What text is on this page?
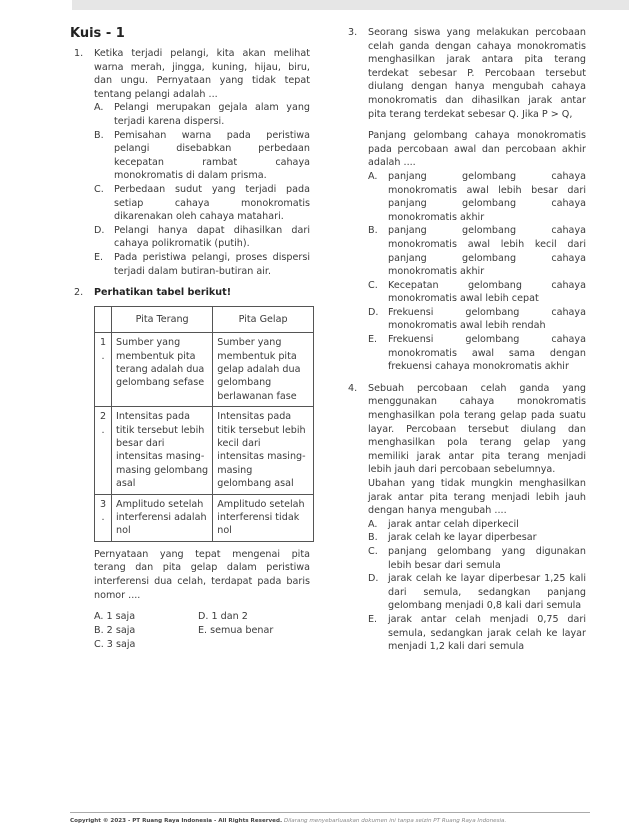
Kuis - 1
1.	Ketika terjadi pelangi, kita akan melihat warna merah, jingga, kuning, hijau, biru, dan ungu. Pernyataan yang tidak tepat tentang pelangi adalah ...
A.	Pelangi merupakan gejala alam yang terjadi karena dispersi.
B.	Pemisahan warna pada peristiwa pelangi disebabkan perbedaan kecepatan rambat cahaya monokromatis di dalam prisma.
C.	Perbedaan sudut yang terjadi pada setiap cahaya monokromatis dikarenakan oleh cahaya matahari.
D. Pelangi hanya dapat dihasilkan dari cahaya polikromatik (putih).
E.	Pada peristiwa pelangi, proses dispersi terjadi dalam butiran-butiran air.
2.	Perhatikan tabel berikut!
	Pita Terang	Pita Gelap
1
.	Sumber yang membentuk pita terang adalah dua gelombang sefase	Sumber yang membentuk pita gelap adalah dua gelombang berlawanan fase
2
.	Intensitas pada titik tersebut lebih besar dari intensitas masing-masing gelombang asal	Intensitas pada titik tersebut lebih kecil dari intensitas masing-masing gelombang asal
3
.	Amplitudo setelah interferensi adalah nol	Amplitudo setelah interferensi tidak nol
Pernyataan yang tepat mengenai pita terang dan pita gelap dalam peristiwa interferensi dua celah, terdapat pada baris nomor ....
A. 1 saja	D. 1 dan 2
B. 2 saja	E. semua benar
C. 3 saja
3.	Seorang siswa yang melakukan percobaan celah ganda dengan cahaya monokromatis menghasilkan jarak antara pita terang terdekat sebesar P. Percobaan tersebut diulang dengan hanya mengubah cahaya monokromatis dan dihasilkan jarak antar pita terang terdekat sebesar Q. Jika P > Q,
Panjang gelombang cahaya monokromatis pada percobaan awal dan percobaan akhir adalah ....
A.	panjang gelombang cahaya monokromatis awal lebih besar dari panjang gelombang cahaya monokromatis akhir
B.	panjang gelombang cahaya monokromatis awal lebih kecil dari panjang gelombang cahaya monokromatis akhir
C.	Kecepatan gelombang cahaya monokromatis awal lebih cepat
D. Frekuensi gelombang cahaya monokromatis awal lebih rendah
E.	Frekuensi gelombang cahaya monokromatis awal sama dengan frekuensi cahaya monokromatis akhir
4.	Sebuah percobaan celah ganda yang menggunakan cahaya monokromatis menghasilkan pola terang gelap pada suatu layar. Percobaan tersebut diulang dan menghasilkan pola terang gelap yang memiliki jarak antar pita terang menjadi lebih jauh dari percobaan sebelumnya.
Ubahan yang tidak mungkin menghasilkan jarak antar pita terang menjadi lebih jauh dengan hanya mengubah ....
A.	jarak antar celah diperkecil
B.	jarak celah ke layar diperbesar
C.	panjang gelombang yang digunakan lebih besar dari semula
D. jarak celah ke layar diperbesar 1,25 kali dari semula, sedangkan panjang gelombang menjadi 0,8 kali dari semula
E.	jarak antar celah menjadi 0,75 dari semula, sedangkan jarak celah ke layar menjadi 1,2 kali dari semula
Copyright © 2023 - PT Ruang Raya Indonesia - All Rights Reserved. Dilarang menyebarluaskan dokumen ini tanpa seizin PT Ruang Raya Indonesia.
